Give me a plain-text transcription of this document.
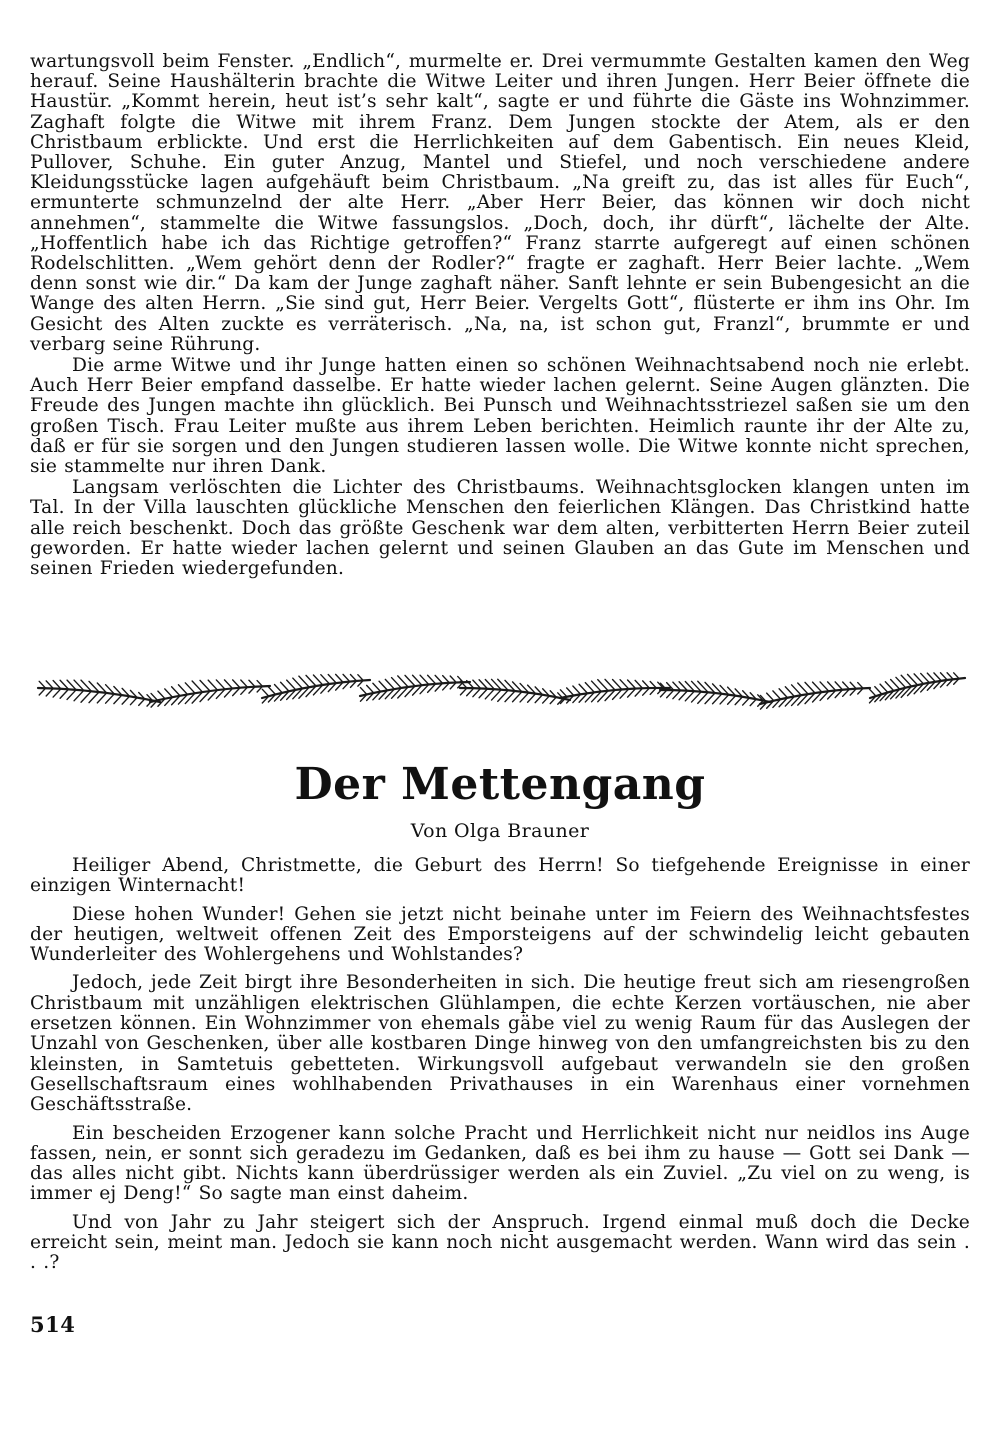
wartungsvoll beim Fenster. „Endlich“, murmelte er. Drei vermummte Gestalten kamen den Weg herauf. Seine Haushälterin brachte die Witwe Leiter und ihren Jungen. Herr Beier öffnete die Haustür. „Kommt herein, heut ist’s sehr kalt“, sagte er und führte die Gäste ins Wohnzimmer. Zaghaft folgte die Witwe mit ihrem Franz. Dem Jungen stockte der Atem, als er den Christbaum erblickte. Und erst die Herrlichkeiten auf dem Gabentisch. Ein neues Kleid, Pullover, Schuhe. Ein guter Anzug, Mantel und Stiefel, und noch verschiedene andere Kleidungsstücke lagen aufgehäuft beim Christbaum. „Na greift zu, das ist alles für Euch“, ermunterte schmunzelnd der alte Herr. „Aber Herr Beier, das können wir doch nicht annehmen“, stammelte die Witwe fassungslos. „Doch, doch, ihr dürft“, lächelte der Alte. „Hoffentlich habe ich das Richtige getroffen?“ Franz starrte aufgeregt auf einen schönen Rodelschlitten. „Wem gehört denn der Rodler?“ fragte er zaghaft. Herr Beier lachte. „Wem denn sonst wie dir.“ Da kam der Junge zaghaft näher. Sanft lehnte er sein Bubengesicht an die Wange des alten Herrn. „Sie sind gut, Herr Beier. Vergelts Gott“, flüsterte er ihm ins Ohr. Im Gesicht des Alten zuckte es verräterisch. „Na, na, ist schon gut, Franzl“, brummte er und verbarg seine Rührung.

Die arme Witwe und ihr Junge hatten einen so schönen Weihnachtsabend noch nie erlebt. Auch Herr Beier empfand dasselbe. Er hatte wieder lachen gelernt. Seine Augen glänzten. Die Freude des Jungen machte ihn glücklich. Bei Punsch und Weihnachtsstriezel saßen sie um den großen Tisch. Frau Leiter mußte aus ihrem Leben berichten. Heimlich raunte ihr der Alte zu, daß er für sie sorgen und den Jungen studieren lassen wolle. Die Witwe konnte nicht sprechen, sie stammelte nur ihren Dank.

Langsam verlöschten die Lichter des Christbaums. Weihnachtsglocken klangen unten im Tal. In der Villa lauschten glückliche Menschen den feierlichen Klängen. Das Christkind hatte alle reich beschenkt. Doch das größte Geschenk war dem alten, verbitterten Herrn Beier zuteil geworden. Er hatte wieder lachen gelernt und seinen Glauben an das Gute im Menschen und seinen Frieden wiedergefunden.

Der Mettengang

Von Olga Brauner

Heiliger Abend, Christmette, die Geburt des Herrn! So tiefgehende Ereignisse in einer einzigen Winternacht!

Diese hohen Wunder! Gehen sie jetzt nicht beinahe unter im Feiern des Weihnachtsfestes der heutigen, weltweit offenen Zeit des Emporsteigens auf der schwindelig leicht gebauten Wunderleiter des Wohlergehens und Wohlstandes?

Jedoch, jede Zeit birgt ihre Besonderheiten in sich. Die heutige freut sich am riesengroßen Christbaum mit unzähligen elektrischen Glühlampen, die echte Kerzen vortäuschen, nie aber ersetzen können. Ein Wohnzimmer von ehemals gäbe viel zu wenig Raum für das Auslegen der Unzahl von Geschenken, über alle kostbaren Dinge hinweg von den umfangreichsten bis zu den kleinsten, in Samtetuis gebetteten. Wirkungsvoll aufgebaut verwandeln sie den großen Gesellschaftsraum eines wohlhabenden Privathauses in ein Warenhaus einer vornehmen Geschäftsstraße.

Ein bescheiden Erzogener kann solche Pracht und Herrlichkeit nicht nur neidlos ins Auge fassen, nein, er sonnt sich geradezu im Gedanken, daß es bei ihm zu hause — Gott sei Dank — das alles nicht gibt. Nichts kann überdrüssiger werden als ein Zuviel. „Zu viel on zu weng, is immer ej Deng!“ So sagte man einst daheim.

Und von Jahr zu Jahr steigert sich der Anspruch. Irgend einmal muß doch die Decke erreicht sein, meint man. Jedoch sie kann noch nicht ausgemacht werden. Wann wird das sein . . .?

514
